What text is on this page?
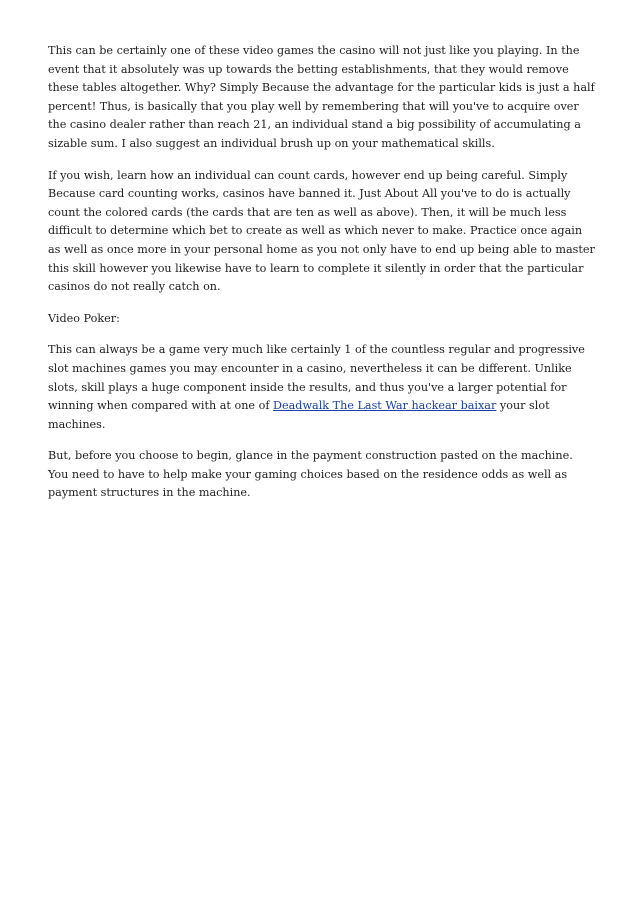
This can be certainly one of these video games the casino will not just like you playing. In the event that it absolutely was up towards the betting establishments, that they would remove these tables altogether. Why? Simply Because the advantage for the particular kids is just a half percent! Thus, is basically that you play well by remembering that will you've to acquire over the casino dealer rather than reach 21, an individual stand a big possibility of accumulating a sizable sum. I also suggest an individual brush up on your mathematical skills.

If you wish, learn how an individual can count cards, however end up being careful. Simply Because card counting works, casinos have banned it. Just About All you've to do is actually count the colored cards (the cards that are ten as well as above). Then, it will be much less difficult to determine which bet to create as well as which never to make. Practice once again as well as once more in your personal home as you not only have to end up being able to master this skill however you likewise have to learn to complete it silently in order that the particular casinos do not really catch on.

Video Poker:

This can always be a game very much like certainly 1 of the countless regular and progressive slot machines games you may encounter in a casino, nevertheless it can be different. Unlike slots, skill plays a huge component inside the results, and thus you've a larger potential for winning when compared with at one of Deadwalk The Last War hackear baixar your slot machines.

But, before you choose to begin, glance in the payment construction pasted on the machine. You need to have to help make your gaming choices based on the residence odds as well as payment structures in the machine.
